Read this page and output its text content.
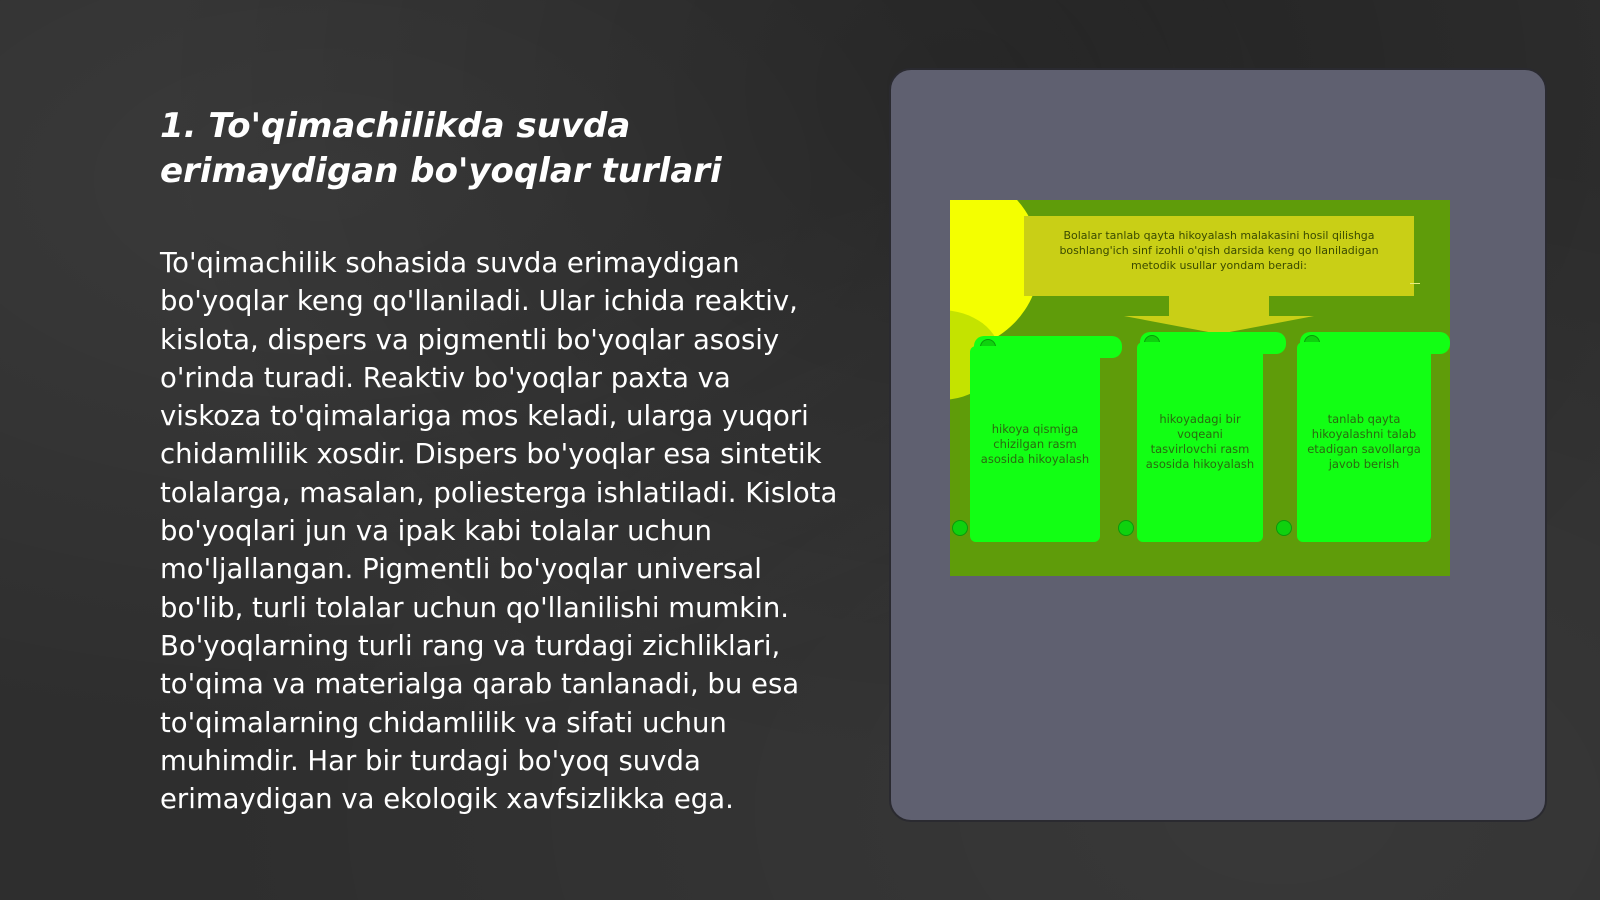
1. To'qimachilikda suvda erimaydigan bo'yoqlar turlari

To'qimachilik sohasida suvda erimaydigan bo'yoqlar keng qo'llaniladi. Ular ichida reaktiv, kislota, dispers va pigmentli bo'yoqlar asosiy o'rinda turadi. Reaktiv bo'yoqlar paxta va viskoza to'qimalariga mos keladi, ularga yuqori chidamlilik xosdir. Dispers bo'yoqlar esa sintetik tolalarga, masalan, poliesterga ishlatiladi. Kislota bo'yoqlari jun va ipak kabi tolalar uchun mo'ljallangan. Pigmentli bo'yoqlar universal bo'lib, turli tolalar uchun qo'llanilishi mumkin. Bo'yoqlarning turli rang va turdagi zichliklari, to'qima va materialga qarab tanlanadi, bu esa to'qimalarning chidamlilik va sifati uchun muhimdir. Har bir turdagi bo'yoq suvda erimaydigan va ekologik xavfsizlikka ega.

Bolalar tanlab qayta hikoyalash malakasini hosil qilishga boshlang'ich sinf izohli o'qish darsida keng qo llaniladigan metodik usullar yondam beradi:
hikoya qismiga chizilgan rasm asosida hikoyalash
hikoyadagi bir voqeani tasvirlovchi rasm asosida hikoyalash
tanlab qayta hikoyalashni talab etadigan savollarga javob berish
